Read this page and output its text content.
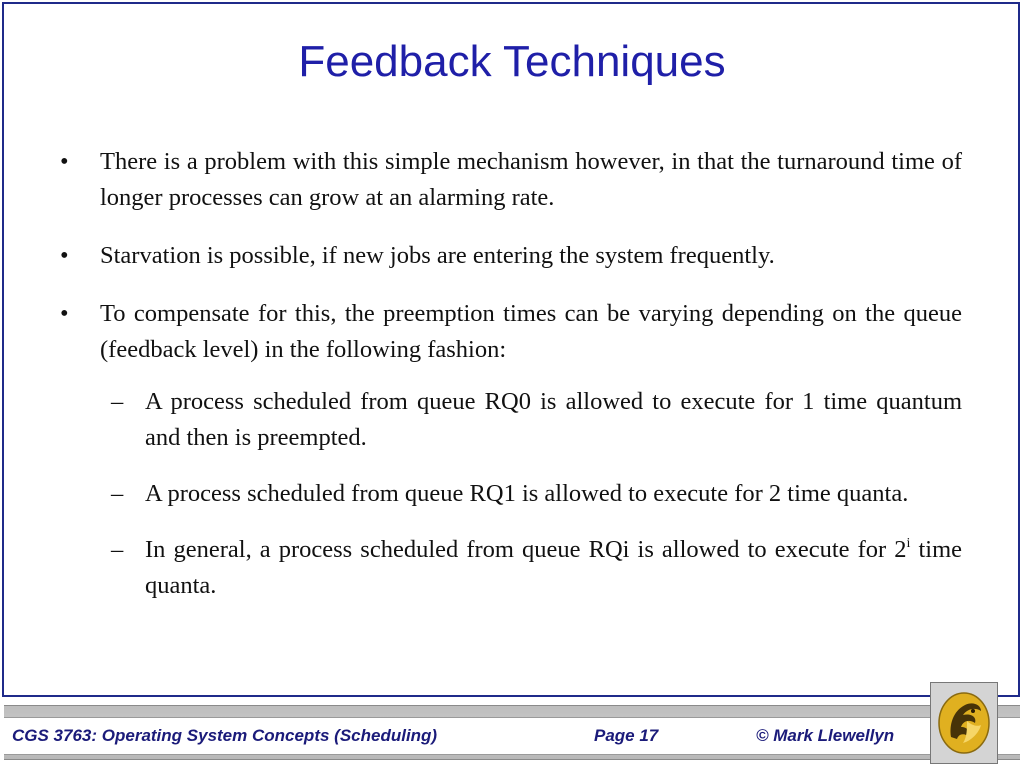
Feedback Techniques
•	There is a problem with this simple mechanism however, in that the turnaround time of longer processes can grow at an alarming rate.
•	Starvation is possible, if new jobs are entering the system frequently.
•	To compensate for this, the preemption times can be varying depending on the queue (feedback level) in the following fashion:
– A process scheduled from queue RQ0 is allowed to execute for 1 time quantum and then is preempted.
– A process scheduled from queue RQ1 is allowed to execute for 2 time quanta.
– In general, a process scheduled from queue RQi is allowed to execute for 2$^i$ time quanta.
CGS 3763: Operating System Concepts (Scheduling)	Page 17	© Mark Llewellyn
